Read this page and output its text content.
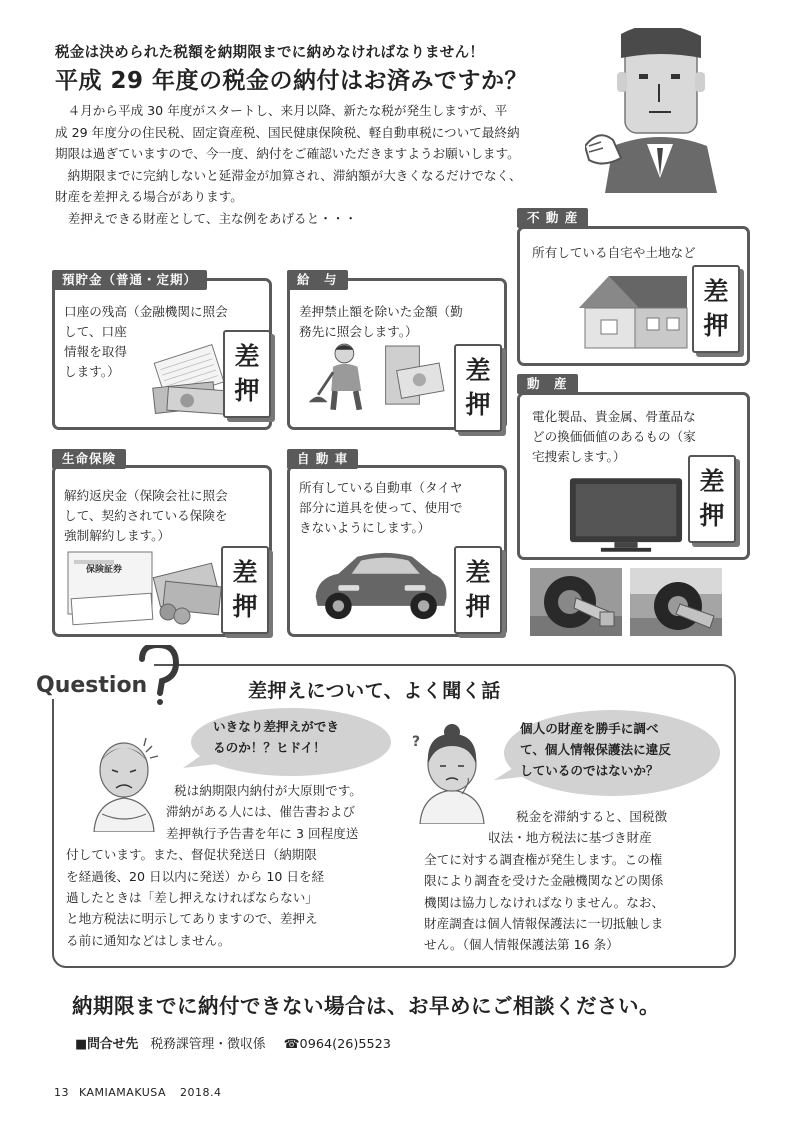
税金は決められた税額を納期限までに納めなければなりません！
平成 29 年度の税金の納付はお済みですか？
４月から平成 30 年度がスタートし、来月以降、新たな税が発生しますが、平
成 29 年度分の住民税、固定資産税、国民健康保険税、軽自動車税について最終納
期限は過ぎていますので、今一度、納付をご確認いただきますようお願いします。
納期限までに完納しないと延滞金が加算され、滞納額が大きくなるだけでなく、
財産を差押える場合があります。
差押えできる財産として、主な例をあげると・・・
預貯金（普通・定期）
口座の残高（金融機関に照会
して、口座
情報を取得
します。）
差
押
給　与
差押禁止額を除いた金額（勤
務先に照会します。）
差
押
不 動 産
所有している自宅や土地など
差
押
生命保険
解約返戻金（保険会社に照会
して、契約されている保険を
強制解約します。）
保険証券	差
押
自 動 車
所有している自動車（タイヤ
部分に道具を使って、使用で
きないようにします。）
差
押
動　産
電化製品、貴金属、骨董品な
どの換価価値のあるもの（家
宅捜索します。）
差
押
Question	差押えについて、よく聞く話
いきなり差押えができ
るのか！？ヒドイ！
税は納期限内納付が大原則です。
滞納がある人には、催告書および
差押執行予告書を年に 3 回程度送
付しています。また、督促状発送日（納期限
を経過後、20 日以内に発送）から 10 日を経
過したときは「差し押えなければならない」
と地方税法に明示してありますので、差押え
る前に通知などはしません。
個人の財産を勝手に調べ
て、個人情報保護法に違反
しているのではないか？
?
税金を滞納すると、国税徴
収法・地方税法に基づき財産
全てに対する調査権が発生します。この権
限により調査を受けた金融機関などの関係
機関は協力しなければなりません。なお、
財産調査は個人情報保護法に一切抵触しま
せん。（個人情報保護法第 16 条）
納期限までに納付できない場合は、お早めにご相談ください。
■問合せ先 税務課管理・徴収係 ☎0964(26)5523
13 KAMIAMAKUSA 2018.4
